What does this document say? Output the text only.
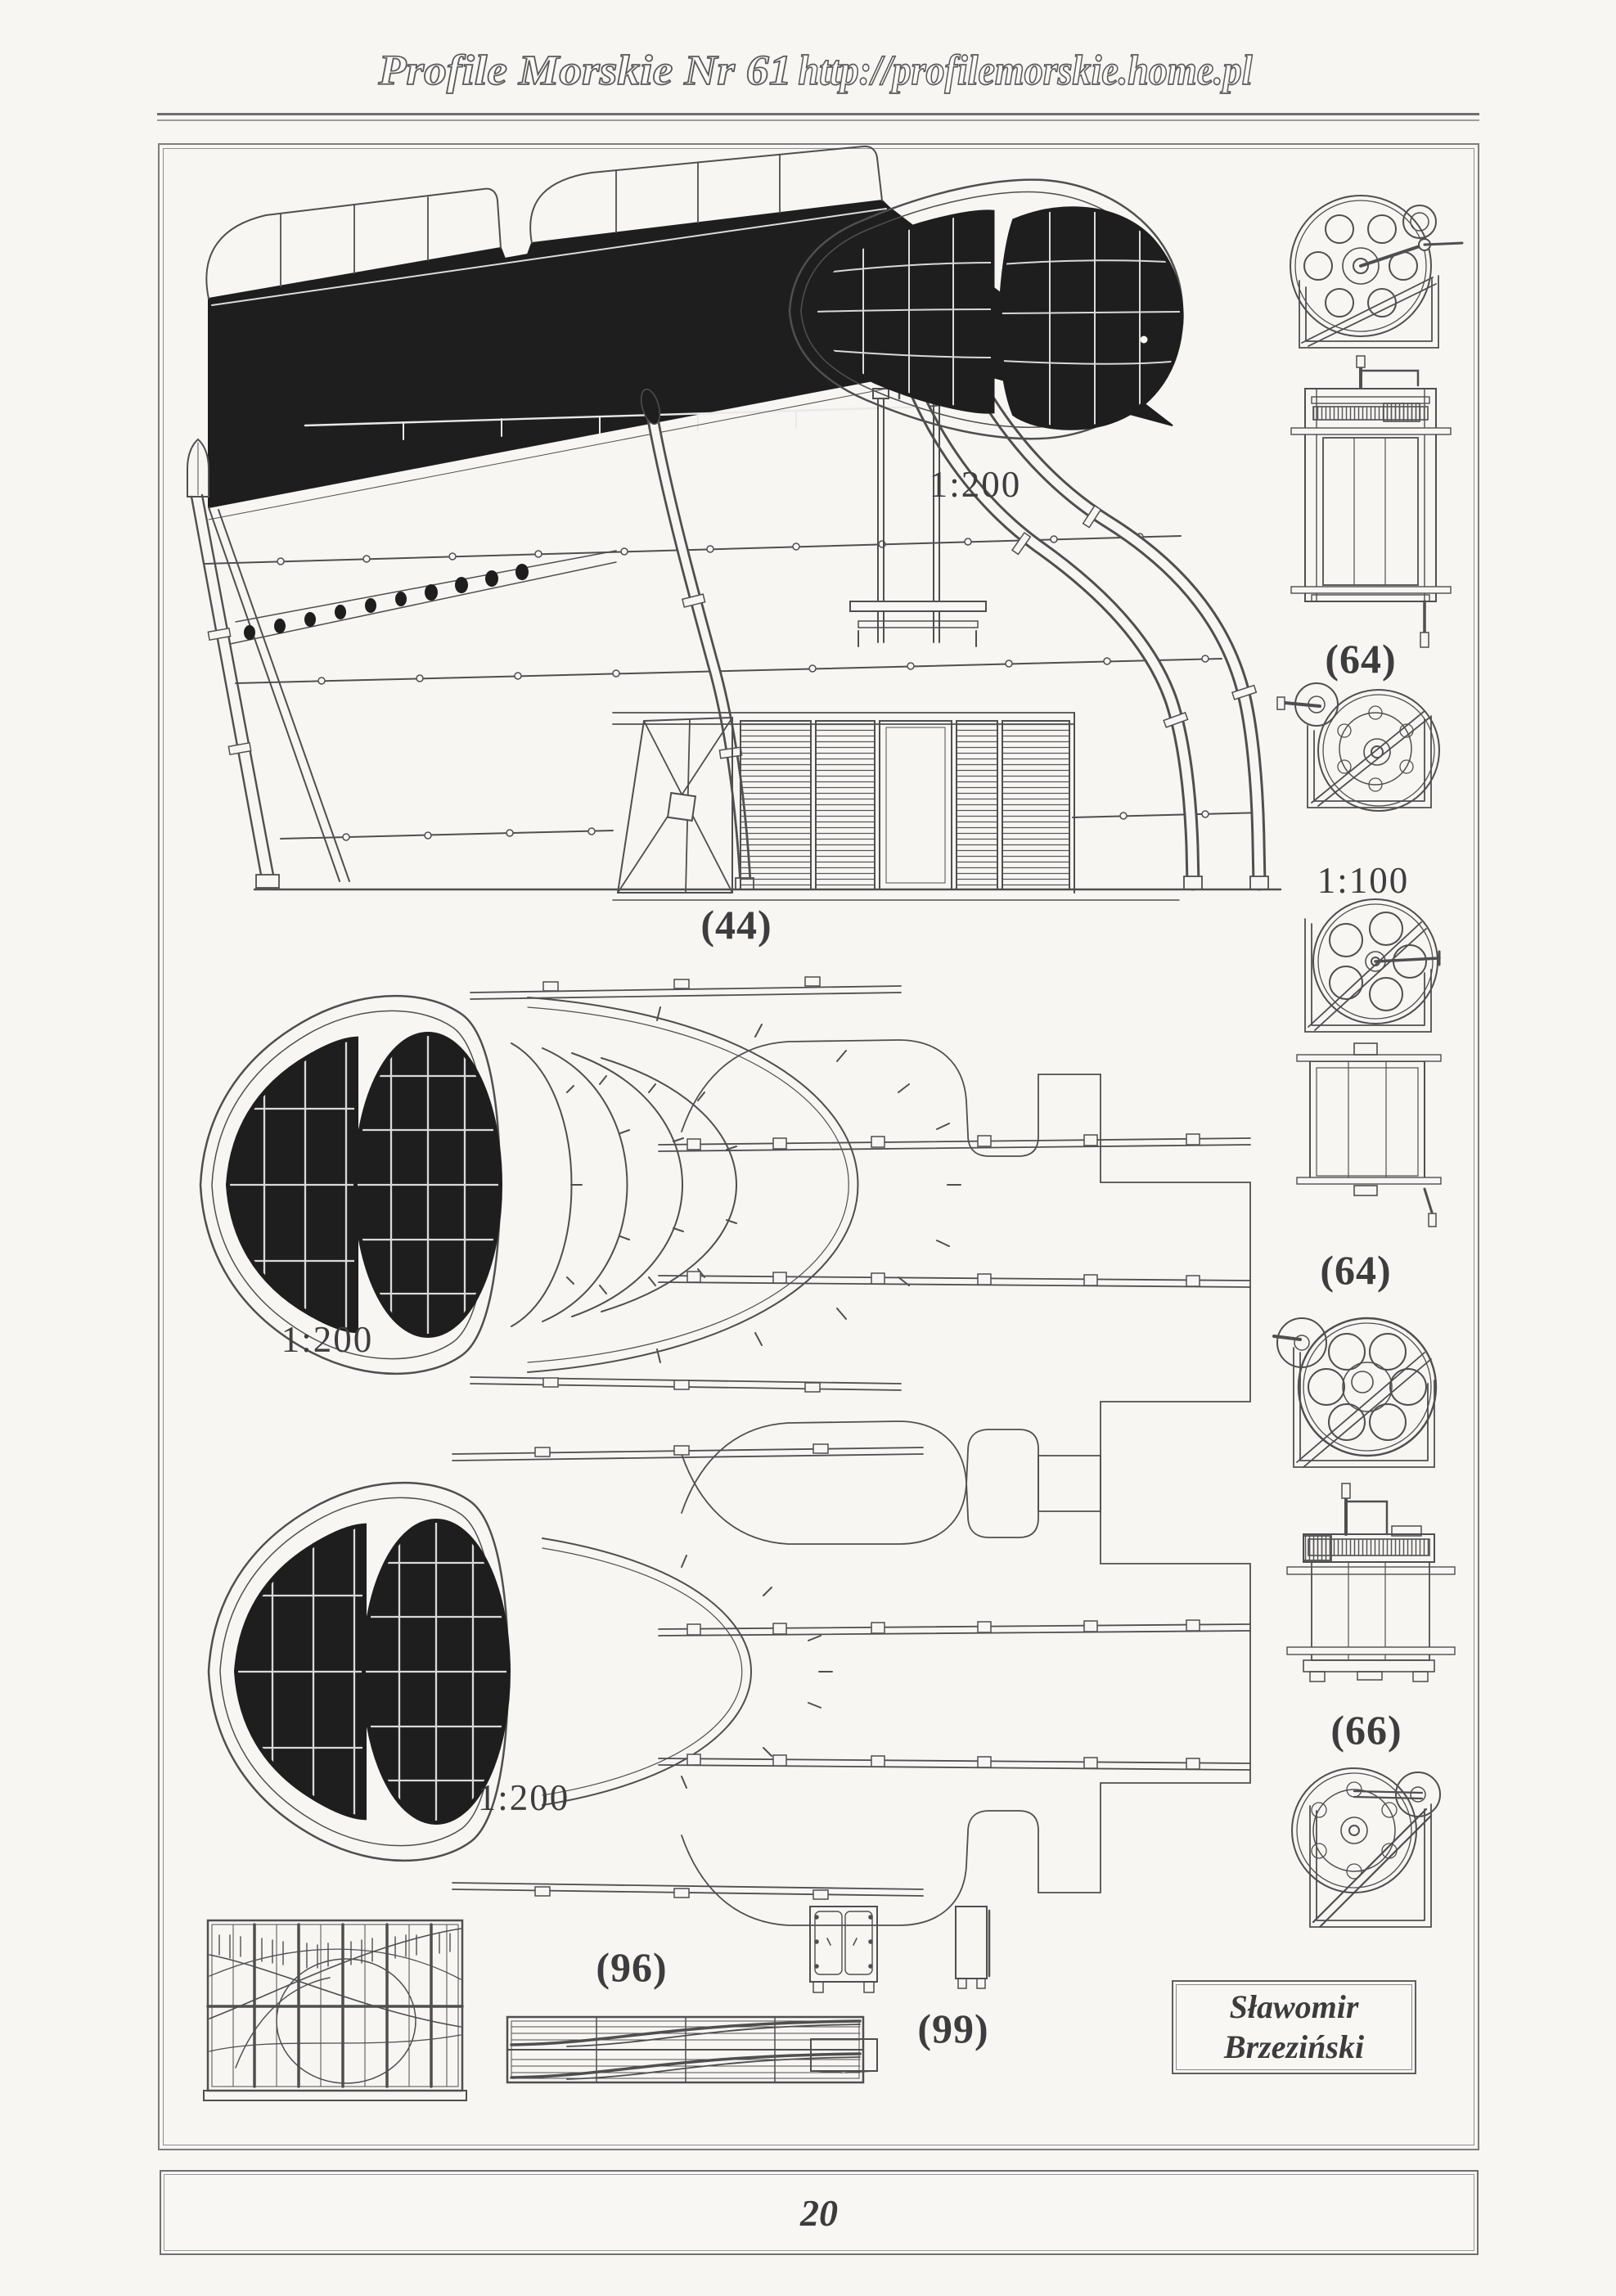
Profile Morskie Nr 61 http://profilemorskie.home.pl
1:200
(44)
1:200
1:200
(64)
1:100
(64)
(66)
(96)
(99)	Sławomir
Brzeziński
20
